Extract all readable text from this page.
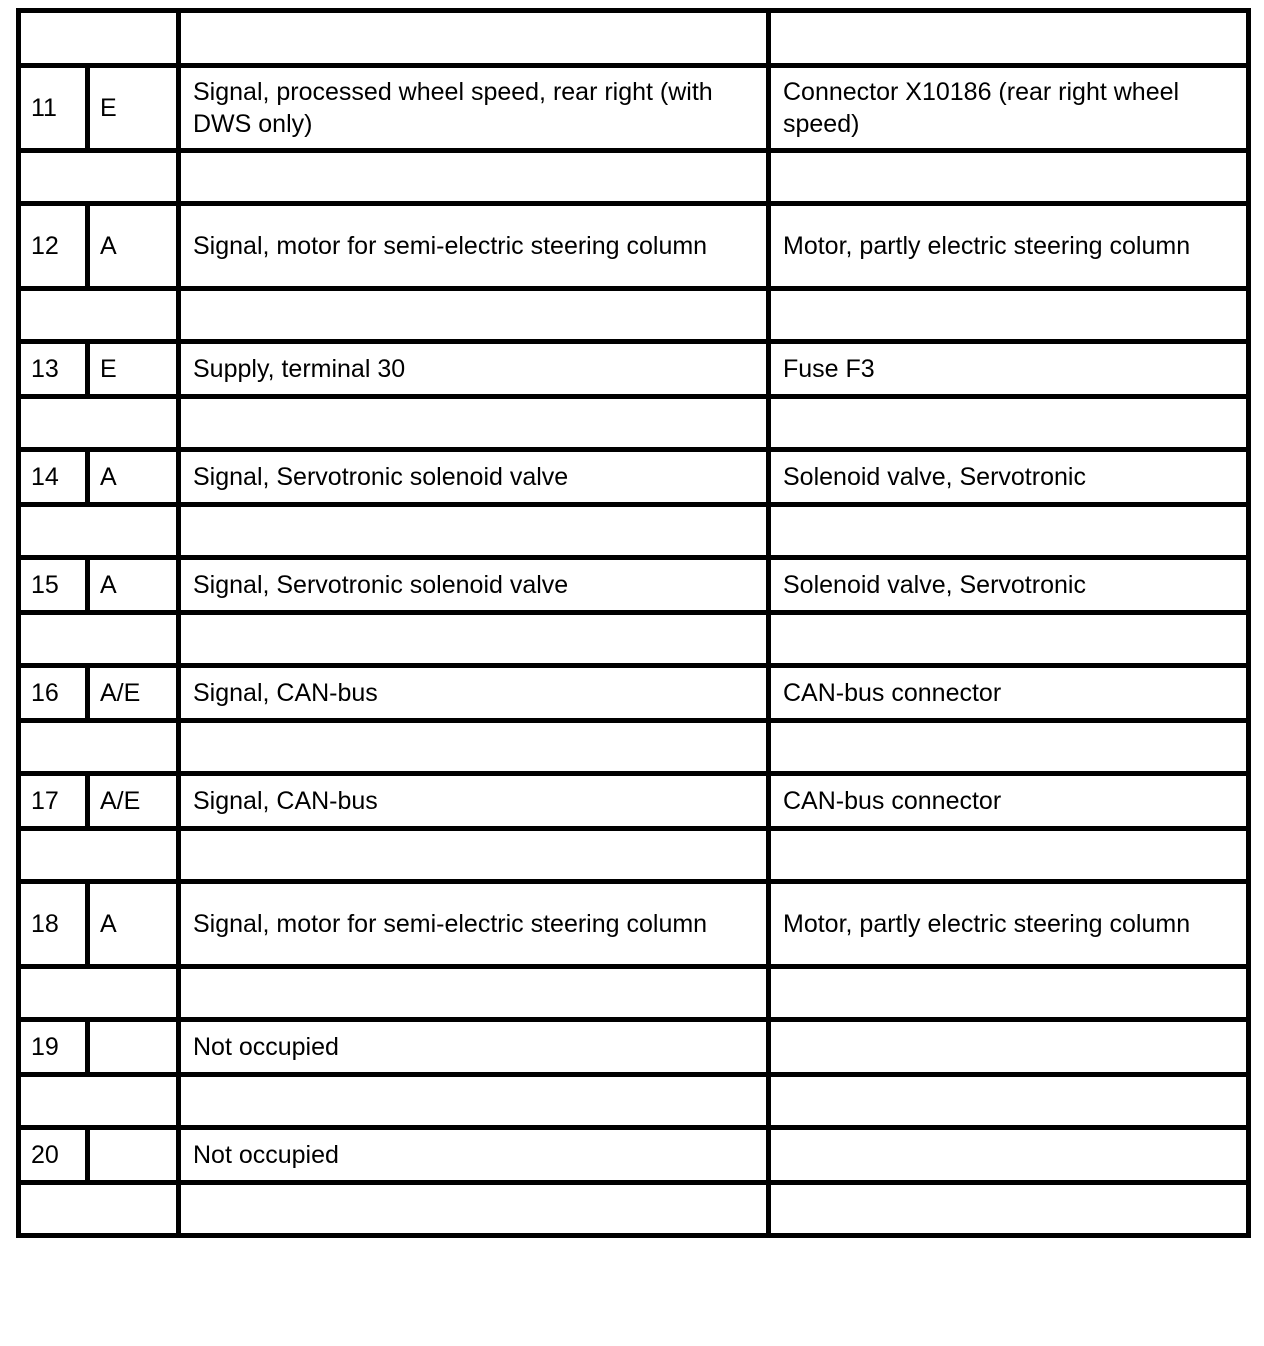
11	E	Signal, processed wheel speed, rear right (with DWS only)	Connector X10186 (rear right wheel speed)

12	A	Signal, motor for semi-electric steering column	Motor, partly electric steering column

13	E	Supply, terminal 30	Fuse F3

14	A	Signal, Servotronic solenoid valve	Solenoid valve, Servotronic

15	A	Signal, Servotronic solenoid valve	Solenoid valve, Servotronic

16	A/E	Signal, CAN-bus	CAN-bus connector

17	A/E	Signal, CAN-bus	CAN-bus connector

18	A	Signal, motor for semi-electric steering column	Motor, partly electric steering column

19		Not occupied	

20		Not occupied	
